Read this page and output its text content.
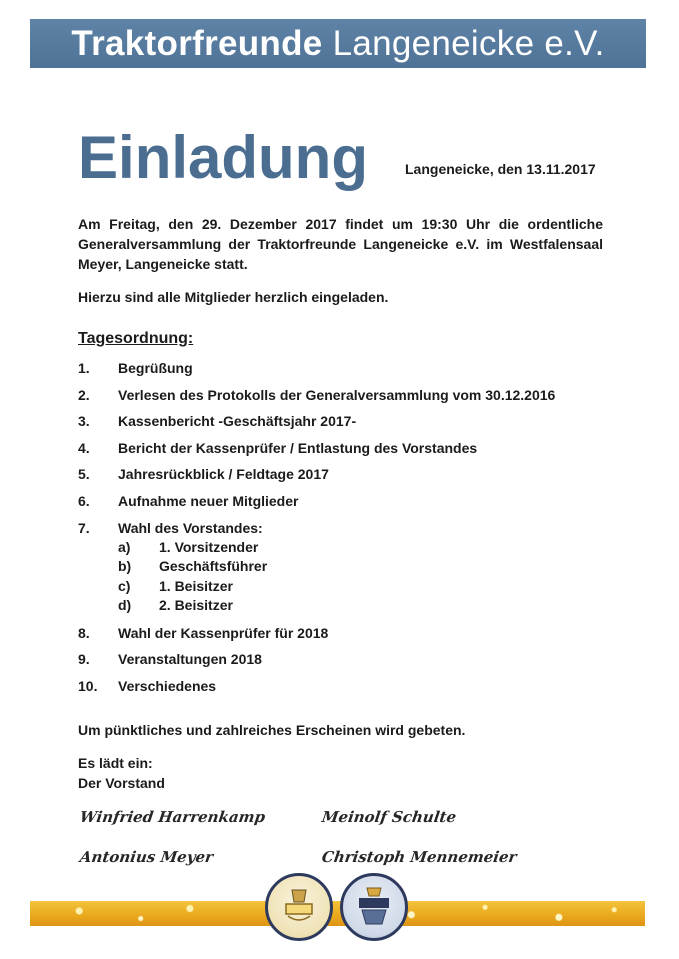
Traktorfreunde Langeneicke e.V.
Einladung	Langeneicke, den 13.11.2017
Am Freitag, den 29. Dezember 2017 findet um 19:30 Uhr die ordentliche Generalversammlung der Traktorfreunde Langeneicke e.V. im Westfalensaal Meyer, Langeneicke statt.
Hierzu sind alle Mitglieder herzlich eingeladen.
Tagesordnung:
1.	Begrüßung
2.	Verlesen des Protokolls der Generalversammlung vom 30.12.2016
3.	Kassenbericht -Geschäftsjahr 2017-
4.	Bericht der Kassenprüfer / Entlastung des Vorstandes
5.	Jahresrückblick / Feldtage 2017
6.	Aufnahme neuer Mitglieder
7.	Wahl des Vorstandes:
a)	1. Vorsitzender
b)	Geschäftsführer
c)	1. Beisitzer
d)	2. Beisitzer
8.	Wahl der Kassenprüfer für 2018
9.	Veranstaltungen 2018
10.	Verschiedenes
Um pünktliches und zahlreiches Erscheinen wird gebeten.
Es lädt ein:
Der Vorstand
Winfried Harrenkamp	Meinolf Schulte
Antonius Meyer	Christoph Mennemeier
